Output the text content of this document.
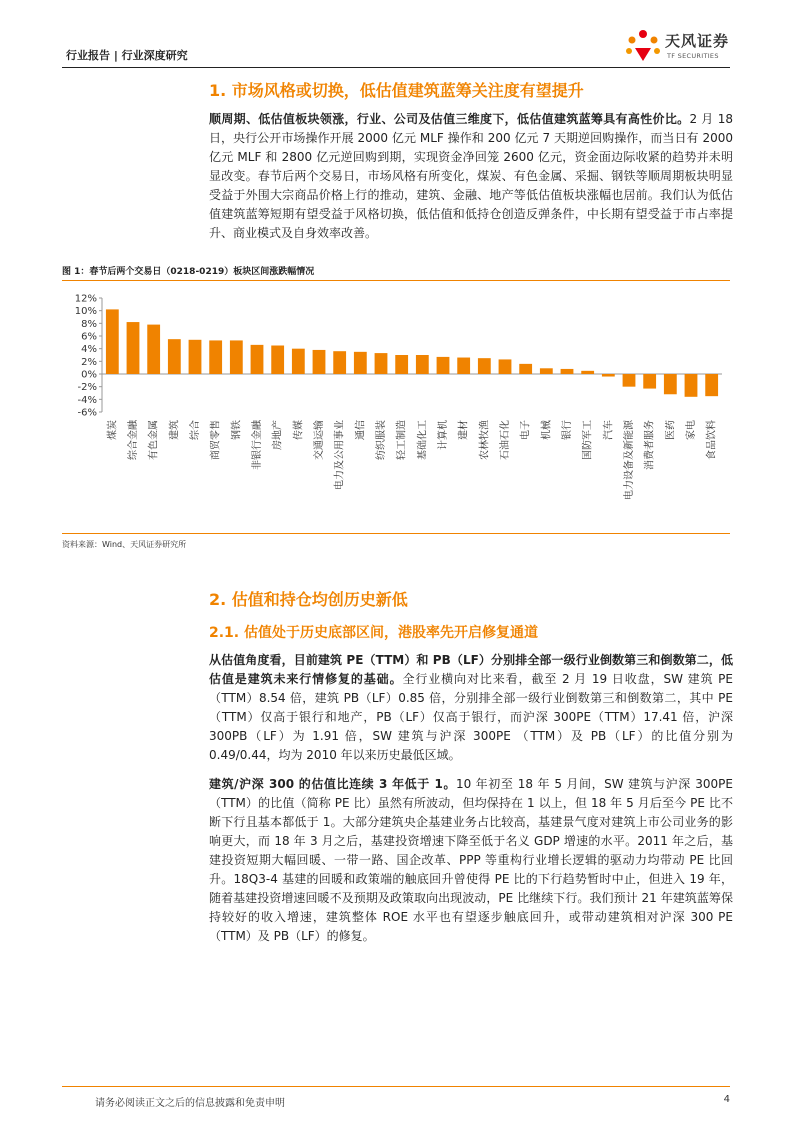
行业报告 | 行业深度研究
天风证券
TF SECURITIES
1. 市场风格或切换，低估值建筑蓝筹关注度有望提升
顺周期、低估值板块领涨，行业、公司及估值三维度下，低估值建筑蓝筹具有高性价比。2 月 18 日，央行公开市场操作开展 2000 亿元 MLF 操作和 200 亿元 7 天期逆回购操作，而当日有 2000 亿元 MLF 和 2800 亿元逆回购到期，实现资金净回笼 2600 亿元，资金面边际收紧的趋势并未明显改变。春节后两个交易日，市场风格有所变化，煤炭、有色金属、采掘、钢铁等顺周期板块明显受益于外围大宗商品价格上行的推动，建筑、金融、地产等低估值板块涨幅也居前。我们认为低估值建筑蓝筹短期有望受益于风格切换，低估值和低持仓创造反弹条件，中长期有望受益于市占率提升、商业模式及自身效率改善。
图 1：春节后两个交易日（0218-0219）板块区间涨跌幅情况
-6%
-4%
-2%
0%
2%
4%
6%
8%
10%
12%
煤炭 综合金融 有色金属 建筑 综合 商贸零售 钢铁 非银行金融 房地产 传媒 交通运输 电力及公用事业 通信 纺织服装 轻工制造 基础化工 计算机 建材 农林牧渔 石油石化 电子 机械 银行 国防军工 汽车 电力设备及新能源 消费者服务 医药 家电 食品饮料
资料来源：Wind、天风证券研究所
2. 估值和持仓均创历史新低
2.1. 估值处于历史底部区间，港股率先开启修复通道
从估值角度看，目前建筑 PE（TTM）和 PB（LF）分别排全部一级行业倒数第三和倒数第二，低估值是建筑未来行情修复的基础。全行业横向对比来看，截至 2 月 19 日收盘，SW 建筑 PE（TTM）8.54 倍，建筑 PB（LF）0.85 倍，分别排全部一级行业倒数第三和倒数第二，其中 PE（TTM）仅高于银行和地产，PB（LF）仅高于银行，而沪深 300PE（TTM）17.41 倍，沪深 300PB（LF）为 1.91 倍，SW 建筑与沪深 300PE （TTM）及 PB（LF）的比值分别为 0.49/0.44，均为 2010 年以来历史最低区域。
建筑/沪深 300 的估值比连续 3 年低于 1。10 年初至 18 年 5 月间，SW 建筑与沪深 300PE（TTM）的比值（简称 PE 比）虽然有所波动，但均保持在 1 以上，但 18 年 5 月后至今 PE 比不断下行且基本都低于 1。大部分建筑央企基建业务占比较高，基建景气度对建筑上市公司业务的影响更大，而 18 年 3 月之后，基建投资增速下降至低于名义 GDP 增速的水平。2011 年之后，基建投资短期大幅回暖、一带一路、国企改革、PPP 等重构行业增长逻辑的驱动力均带动 PE 比回升。18Q3-4 基建的回暖和政策端的触底回升曾使得 PE 比的下行趋势暂时中止，但进入 19 年，随着基建投资增速回暖不及预期及政策取向出现波动，PE 比继续下行。我们预计 21 年建筑蓝筹保持较好的收入增速，建筑整体 ROE 水平也有望逐步触底回升，或带动建筑相对沪深 300 PE（TTM）及 PB（LF）的修复。
请务必阅读正文之后的信息披露和免责申明	4
